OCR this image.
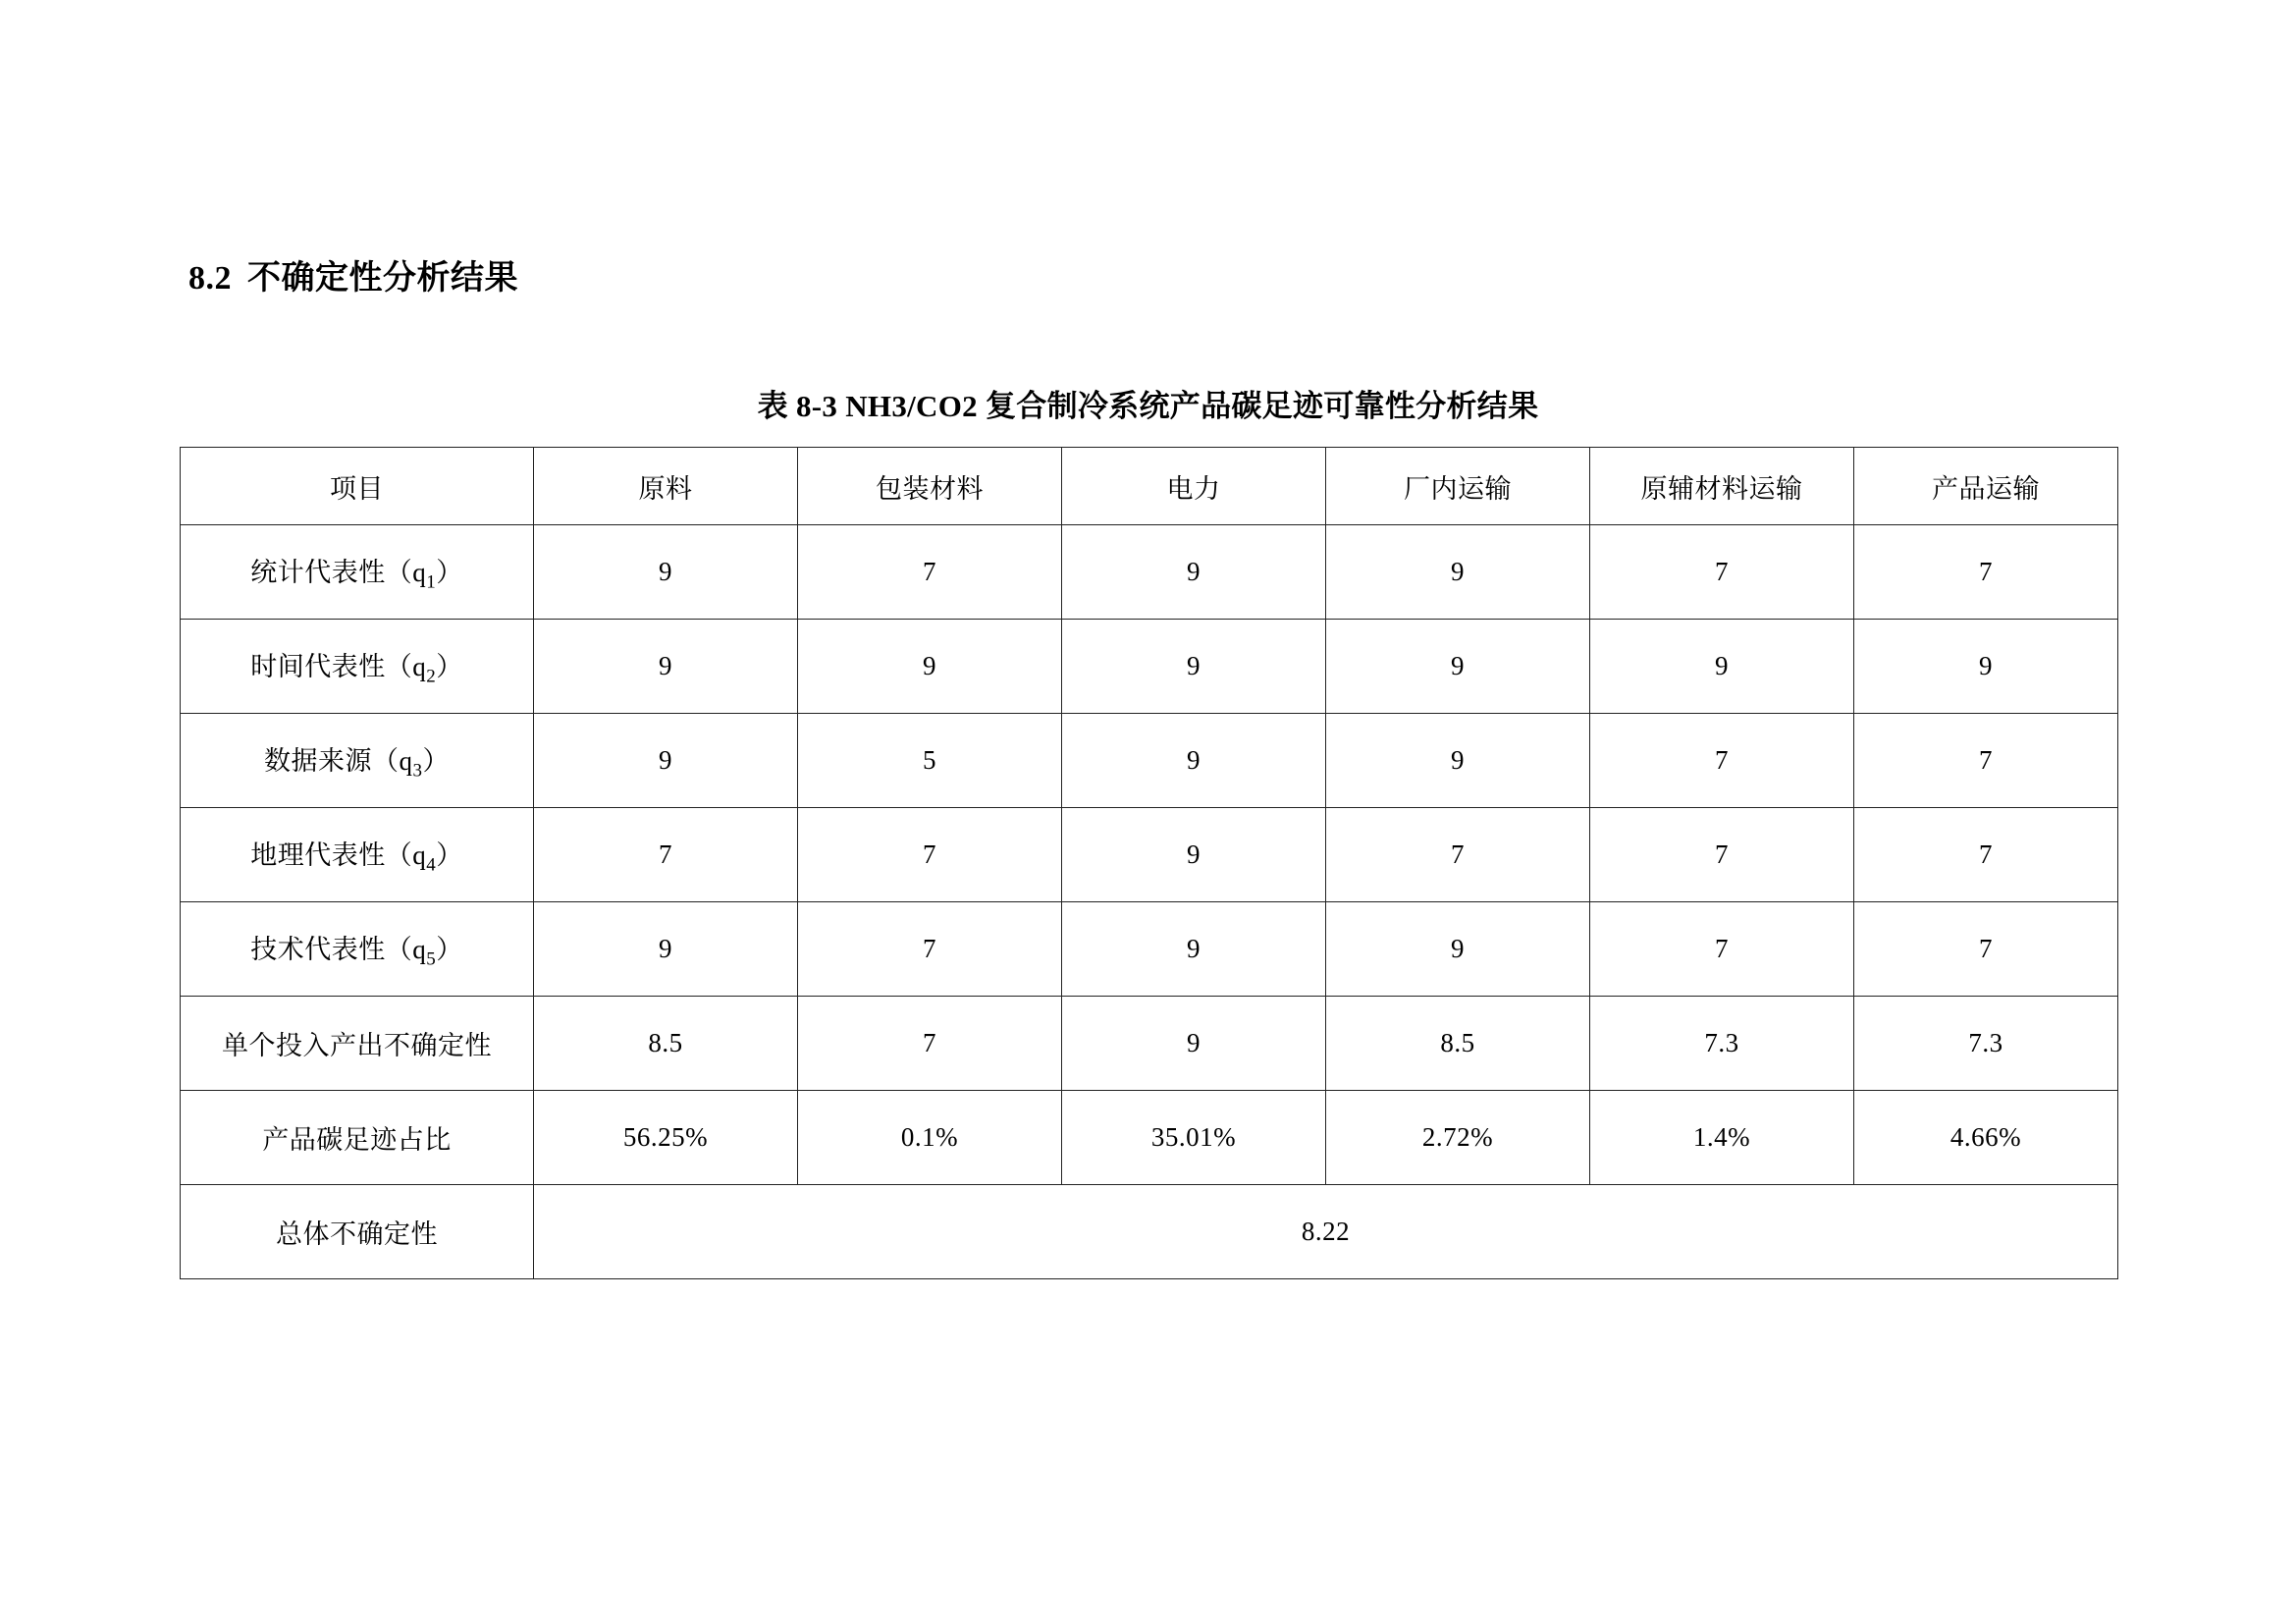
8.2 不确定性分析结果
表 8-3 NH3/CO2 复合制冷系统产品碳足迹可靠性分析结果
项目	原料	包装材料	电力	厂内运输	原辅材料运输	产品运输
统计代表性$(q_1)$	9	7	9	9	7	7
时间代表性$(q_2)$	9	9	9	9	9	9
数据来源$(q_3)$	9	5	9	9	7	7
地理代表性$(q_4)$	7	7	9	7	7	7
技术代表性$(q_5)$	9	7	9	9	7	7
单个投入产出不确定性	8.5	7	9	8.5	7.3	7.3
产品碳足迹占比	56.25%	0.1%	35.01%	2.72%	1.4%	4.66%
总体不确定性	8.22					
